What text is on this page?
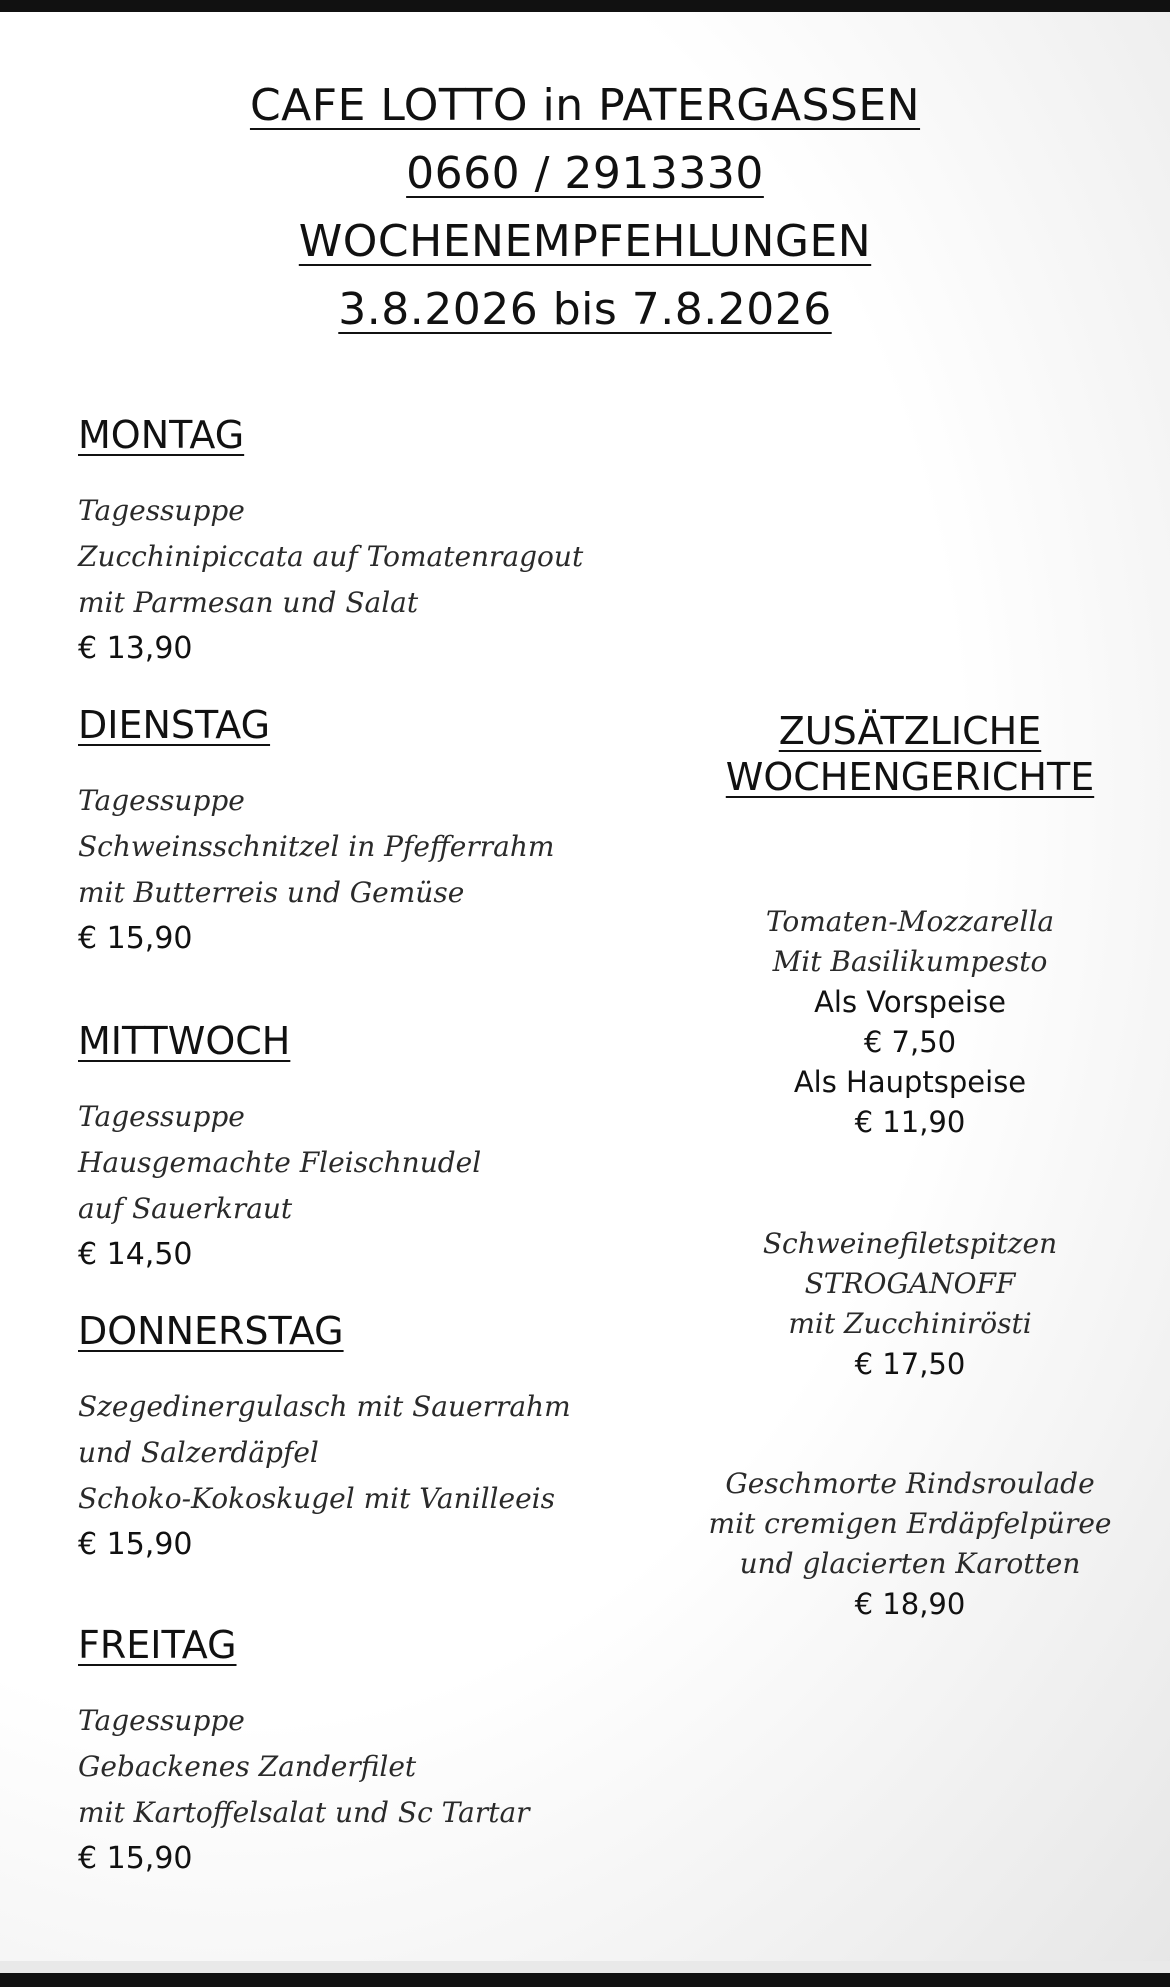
CAFE LOTTO in PATERGASSEN
0660 / 2913330
WOCHENEMPFEHLUNGEN
3.8.2026 bis 7.8.2026
MONTAG
Tagessuppe
Zucchinipiccata auf Tomatenragout
mit Parmesan und Salat
€ 13,90
DIENSTAG
Tagessuppe
Schweinsschnitzel in Pfefferrahm
mit Butterreis und Gemüse
€ 15,90
MITTWOCH
Tagessuppe
Hausgemachte Fleischnudel
auf Sauerkraut
€ 14,50
DONNERSTAG
Szegedinergulasch mit Sauerrahm
und Salzerdäpfel
Schoko-Kokoskugel mit Vanilleeis
€ 15,90
FREITAG
Tagessuppe
Gebackenes Zanderfilet
mit Kartoffelsalat und Sc Tartar
€ 15,90
ZUSÄTZLICHE
WOCHENGERICHTE
Tomaten-Mozzarella
Mit Basilikumpesto
Als Vorspeise
€ 7,50
Als Hauptspeise
€ 11,90
Schweinefiletspitzen
STROGANOFF
mit Zucchinirösti
€ 17,50
Geschmorte Rindsroulade
mit cremigen Erdäpfelpüree
und glacierten Karotten
€ 18,90
